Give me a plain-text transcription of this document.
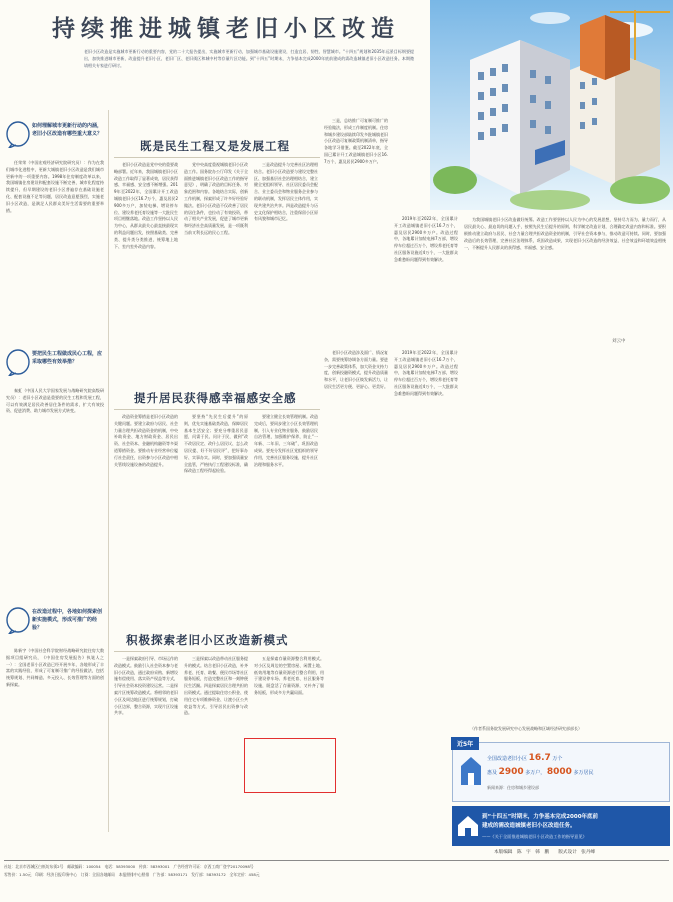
持续推进城镇老旧小区改造
老旧小区改造是实施城市更新行动的重要内容，党的二十大报告提出，实施城市更新行动，加强城市基础设施建设，打造宜居、韧性、智慧城市。“十四五”规划和2035年远景目标纲要提出，加快推进城市更新，改造提升老旧小区、老旧厂区、老旧街区和城中村等存量片区功能。到“十四五”时期末，力争基本完成2000年底前建成的需改造城镇老旧小区改造任务。本期邀请相关专家进行研讨。
如何理解城市更新行动的内涵，老旧小区改造有哪些重大意义？

任荣荣（中国宏观经济研究院研究员）：作为在我们城市化进程中，更新大城镇老旧小区改造是我们城市更新中的一项重要内容。1998年住房制度改革以来，我国城镇住房建设和配套设施不断完善，城市化程度持续提升，但早期建设的老旧小区普遍存在基础设施老化、配套设施不足等问题，居民改造意愿强烈，实施老旧小区改造，是满足人民群众美好生活需要的重要举措。

要把民生工程做成民心工程，应采取哪些有效举措？

秦虹（中国人民大学国家发展与战略研究院高级研究员）：老旧小区改造是重要的民生工程和发展工程，可以有效满足居民改善居住条件的需求，扩大有效投资、促进消费、助力城市发展方式转变。

在改造过程中，各地如何探索创新实施模式，形成可推广的经验？

陈新宇（中国社会科学院财经战略研究院住房大数据项目组研究员，《中国住房发展报告》执笔人之一）：全国老旧小区改造已经开展多年，各地形成了丰富的实践经验，形成了可复制可推广的经验做法，包括统筹规划、共同缔造、多元投入、长效管理等方面的创新探索。

既是民生工程又是发展工程

老旧小区改造是党中央的重要战略部署。近年来，我国城镇老旧小区改造工作取得了显著成效，居民获得感、幸福感、安全感不断增强。2019年至2022年，全国累计开工改造城镇老旧小区16.7万个，惠及居民2900多万户，加装电梯、增设停车位、建设养老托育设施等一大批民生项目相继落地。改造工作坚持以人民为中心，从群众最关心最直接最现实的利益问题出发，按照基础类、完善类、提升类分类推进，统筹地上地下、室内室外改造内容。

党中央高度重视城镇老旧小区改造工作。国务院办公厅印发《关于全面推进城镇老旧小区改造工作的指导意见》，明确了改造的目标任务、对象范围和内容。各地结合实际，创新工作机制，探索形成了许多好经验好做法。老旧小区改造不仅改善了居民的居住条件，也拉动了有效投资，带动了相关产业发展，促进了城市更新和经济社会高质量发展，是一项既利当前又利长远的民心工程。

三是改造提升与完善社区治理相结合。老旧小区改造要与建设完整社区、加强基层社会治理相结合，建立健全党组织领导、社区居民委员会配合、业主委员会和物业服务企业参与的联动机制，发挥居民主体作用，实现共建共治共享。四是改造提升与历史文化保护相结合，注重保留小区原有风貌和城市记忆。

三是，总结推广可复制可推广的经验做法，形成工作制度机制。住房和城乡建设部陆续印发多批城镇老旧小区改造可复制政策机制清单，指导各地学习借鉴。截至2022年底，全国已累计开工改造城镇老旧小区16.7万个，惠及居民2900多万户。

2019年至2022年，全国累计开工改造城镇老旧小区16.7万个，惠及居民2900多万户。改造过程中，各地累计加装电梯7万部，增设停车位超过百万个，增设养老托育等社区服务设施近4万个，一大批群众急难愁盼问题得到有效解决。

提升居民获得感幸福感安全感

改造资金筹措是老旧小区改造的关键问题。要建立政府与居民、社会力量合理共担改造资金的机制，中央补助资金、地方财政资金、居民出资、社会资本、金融机构融资等多渠道筹措资金。要推动专业经营单位履行社会责任，出资参与小区改造中相关管线设施设备的改造提升。

要坚持“先民生后提升”的原则，优先实施基础类改造，保障居民基本生活安全；要充分尊重居民意愿，问需于民、问计于民，做到“改不改居民定、改什么居民议、怎么改居民提、好不好居民评”，把好事办好、实事办实。同时，要加强质量安全监管，严格执行工程建设标准，确保改造工程经得起检验。

要建立健全长效管理机制。改造完成后，要同步建立小区长效管理机制，引入专业化物业服务，鼓励居民自治管理，加强维护保养，防止“一年新、二年旧、三年破”，巩固改造成果。要充分发挥社区党组织的领导作用，完善社区服务设施，提升社区治理和服务水平。

老旧小区改造涉及面广、情况复杂，需要统筹协调各方面力量。要进一步完善政策体系，加大资金支持力度，创新投融资模式，提升改造质量和水平，让老旧小区焕发新活力，让居民生活更方便、更舒心、更美好。

积极探索老旧小区改造新模式

一是探索政府引导、市场运作的改造模式。鼓励引入社会资本参与老旧小区改造，通过政府采购、新增设施有偿使用、落实资产权益等方式，引导社会资本投资建设运营。二是探索片区统筹改造模式。将相邻的老旧小区及周边地区进行统筹规划，打破小区边界，整合资源，实现片区设施共享。

三是探索以改造带动社区服务提升的模式。结合老旧小区改造，补齐养老、托育、助餐、便民市场等社区服务短板，打造完整社区和一刻钟便民生活圈。四是探索居民合理共担的出资模式。通过提取住房公积金、使用住宅专项维修资金、让渡小区公共收益等方式，引导居民出资参与改造。

五是探索存量资源整合利用模式。对小区及周边的空置房屋、闲置土地、低效用地等存量资源进行整合利用，用于建设停车场、养老托育、社区服务等设施，既盘活了存量资源，又补齐了服务短板，形成多方共赢局面。

2019年至2022年，全国累计开工改造城镇老旧小区16.7万个，惠及居民2900多万户。改造过程中，各地累计加装电梯7万部，增设停车位超过百万个，增设养老托育等社区服务设施近4万个，一大批群众急难愁盼问题得到有效解决。

为我国城镇老旧小区改造做好统筹。改造工作要坚持以人民为中心的发展思想，坚持尽力而为、量力而行，从居民最关心、最迫切的问题入手，按照先民生后提升的原则，科学制定改造计划，合理确定改造内容和标准。要积极推动建立政府与居民、社会力量合理共担改造资金的机制，引导社会资本参与，推动改造可持续。同时，要加强改造后的长效管理，完善社区治理体系，巩固改造成果，实现老旧小区改造的经济效益、社会效益和环境效益相统一，不断提升人民群众的获得感、幸福感、安全感。

刘云中
（作者系国务院发展研究中心发展战略和区域经济研究部部长）
近5年
全国改造老旧小区 16.7 万个
惠及 2900 多万户， 8000 多万居民
新闻来源：住房和城乡建设部
到“十四五”时期末，力争基本完成2000年底前
建成的需改造城镇老旧小区改造任务。
——《关于全面推进城镇老旧小区改造工作的指导意见》
本版编辑　陈　宇　韩　鹏　　版式设计　张丹峰
社址：北京市西城区白纸坊东街2号　邮政编码：100054　电话：58393000　传真：58393001　广告经营许可证：京西工商广登字20170098号
零售价：1.50元　印刷：经济日报印务中心　订阅：全国各地邮局　本报照排中心照排　广告部：58393171　发行部：58393172　全年定价：458元
